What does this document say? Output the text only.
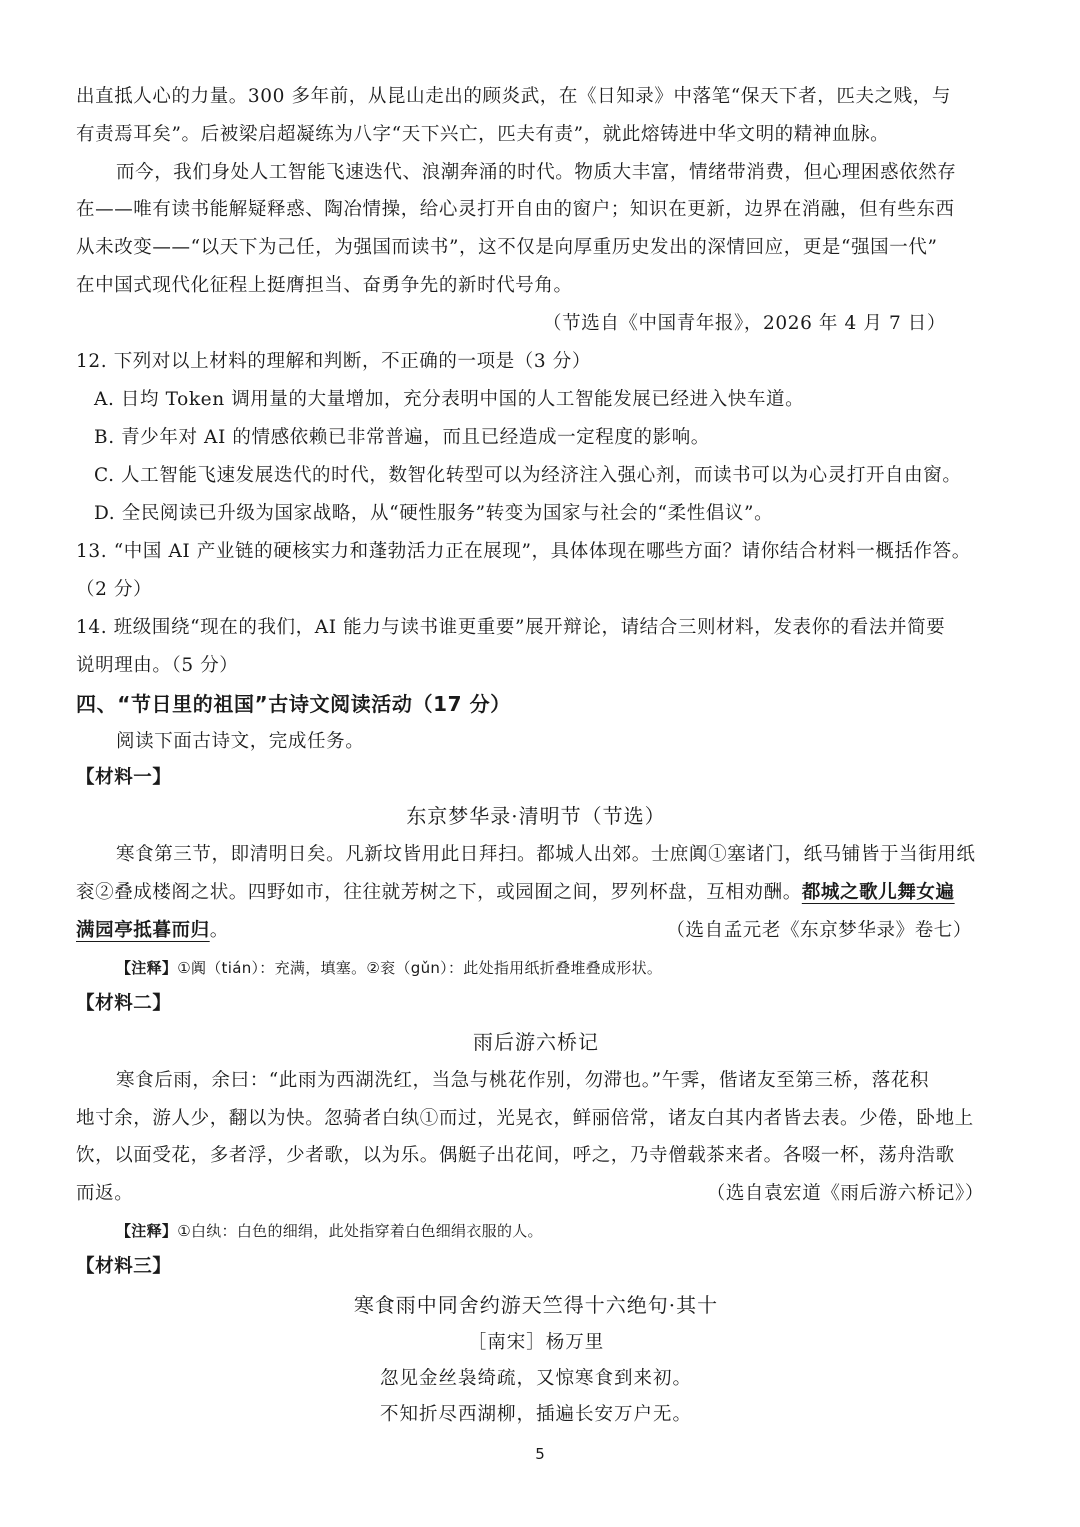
出直抵人心的力量。300 多年前，从昆山走出的顾炎武，在《日知录》中落笔“保天下者，匹夫之贱，与
有责焉耳矣”。后被梁启超凝练为八字“天下兴亡，匹夫有责”，就此熔铸进中华文明的精神血脉。
而今，我们身处人工智能飞速迭代、浪潮奔涌的时代。物质大丰富，情绪带消费，但心理困惑依然存
在——唯有读书能解疑释惑、陶冶情操，给心灵打开自由的窗户；知识在更新，边界在消融，但有些东西
从未改变——“以天下为己任，为强国而读书”，这不仅是向厚重历史发出的深情回应，更是“强国一代”
在中国式现代化征程上挺膺担当、奋勇争先的新时代号角。
（节选自《中国青年报》，2026 年 4 月 7 日）
12. 下列对以上材料的理解和判断，不正确的一项是（3 分）
A. 日均 Token 调用量的大量增加，充分表明中国的人工智能发展已经进入快车道。
B. 青少年对 AI 的情感依赖已非常普遍，而且已经造成一定程度的影响。
C. 人工智能飞速发展迭代的时代，数智化转型可以为经济注入强心剂，而读书可以为心灵打开自由窗。
D. 全民阅读已升级为国家战略，从“硬性服务”转变为国家与社会的“柔性倡议”。
13. “中国 AI 产业链的硬核实力和蓬勃活力正在展现”，具体体现在哪些方面？请你结合材料一概括作答。
（2 分）
14. 班级围绕“现在的我们，AI 能力与读书谁更重要”展开辩论，请结合三则材料，发表你的看法并简要
说明理由。（5 分）
四、“节日里的祖国”古诗文阅读活动（17 分）
阅读下面古诗文，完成任务。
【材料一】
东京梦华录·清明节（节选）
寒食第三节，即清明日矣。凡新坟皆用此日拜扫。都城人出郊。士庶阗①塞诸门，纸马铺皆于当街用纸
衮②叠成楼阁之状。四野如市，往往就芳树之下，或园囿之间，罗列杯盘，互相劝酬。都城之歌儿舞女遍
满园亭抵暮而归。	（选自孟元老《东京梦华录》卷七）
【注释】①阗（tián）：充满，填塞。②衮（gǔn）：此处指用纸折叠堆叠成形状。
【材料二】
雨后游六桥记
寒食后雨，余曰：“此雨为西湖洗红，当急与桃花作别，勿滞也。”午霁，偕诸友至第三桥，落花积
地寸余，游人少，翻以为快。忽骑者白纨①而过，光晃衣，鲜丽倍常，诸友白其内者皆去表。少倦，卧地上
饮，以面受花，多者浮，少者歌，以为乐。偶艇子出花间，呼之，乃寺僧载茶来者。各啜一杯，荡舟浩歌
而返。	（选自袁宏道《雨后游六桥记》）
【注释】①白纨：白色的细绢，此处指穿着白色细绢衣服的人。
【材料三】
寒食雨中同舍约游天竺得十六绝句·其十
［南宋］杨万里
忽见金丝袅绮疏，又惊寒食到来初。
不知折尽西湖柳，插遍长安万户无。
5
